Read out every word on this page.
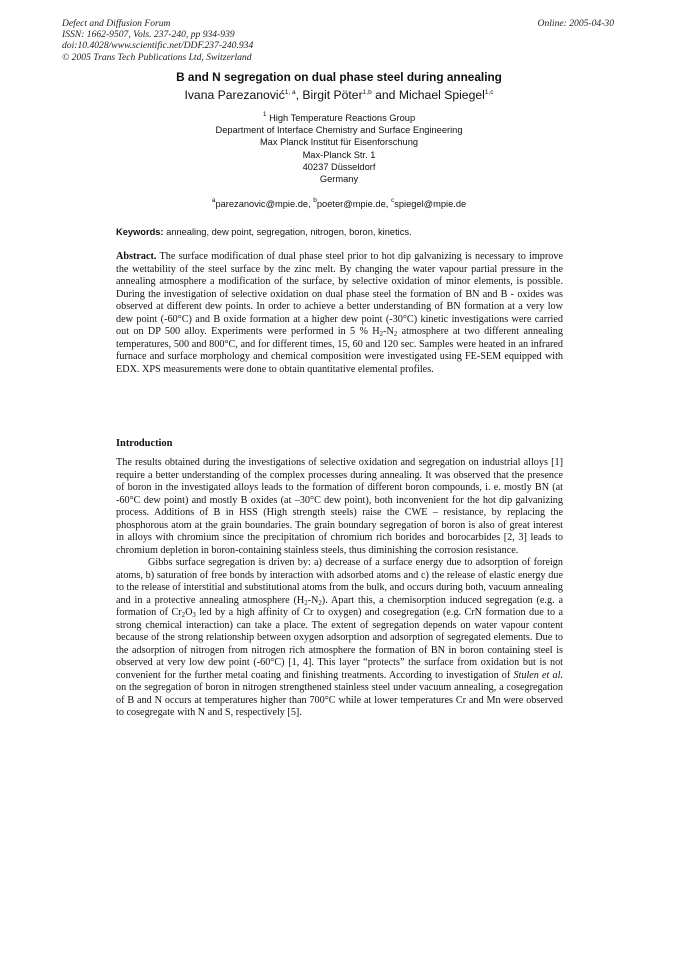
Defect and Diffusion Forum
ISSN: 1662-9507, Vols. 237-240, pp 934-939
doi:10.4028/www.scientific.net/DDF.237-240.934
© 2005 Trans Tech Publications Ltd, Switzerland
Online: 2005-04-30
B and N segregation on dual phase steel during annealing
Ivana Parezanović$^{1, a}$, Birgit Pöter$^{1,b}$ and Michael Spiegel$^{1,c}$
$^1$ High Temperature Reactions Group
Department of Interface Chemistry and Surface Engineering
Max Planck Institut für Eisenforschung
Max-Planck Str. 1
40237 Düsseldorf
Germany
$^a$parezanovic@mpie.de, $^b$poeter@mpie.de, $^c$spiegel@mpie.de
Keywords: annealing, dew point, segregation, nitrogen, boron, kinetics.
Abstract. The surface modification of dual phase steel prior to hot dip galvanizing is necessary to improve the wettability of the steel surface by the zinc melt. By changing the water vapour partial pressure in the annealing atmosphere a modification of the surface, by selective oxidation of minor elements, is possible. During the investigation of selective oxidation on dual phase steel the formation of BN and B - oxides was observed at different dew points. In order to achieve a better understanding of BN formation at a very low dew point (-60°C) and B oxide formation at a higher dew point (-30°C) kinetic investigations were carried out on DP 500 alloy. Experiments were performed in 5 % $H_2-N_2$ atmosphere at two different annealing temperatures, 500 and 800°C, and for different times, 15, 60 and 120 sec. Samples were heated in an infrared furnace and surface morphology and chemical composition were investigated using FE-SEM equipped with EDX. XPS measurements were done to obtain quantitative elemental profiles.
Introduction

The results obtained during the investigations of selective oxidation and segregation on industrial alloys [1] require a better understanding of the complex processes during annealing. It was observed that the presence of boron in the investigated alloys leads to the formation of different boron compounds, i. e. mostly BN (at -60°C dew point) and mostly B oxides (at –30°C dew point), both inconvenient for the hot dip galvanizing process. Additions of B in HSS (High strength steels) raise the CWE – resistance, by replacing the phosphorous atom at the grain boundaries. The grain boundary segregation of boron is also of great interest in alloys with chromium since the precipitation of chromium rich borides and borocarbides [2, 3] leads to chromium depletion in boron-containing stainless steels, thus diminishing the corrosion resistance.

Gibbs surface segregation is driven by: a) decrease of a surface energy due to adsorption of foreign atoms, b) saturation of free bonds by interaction with adsorbed atoms and c) the release of elastic energy due to the release of interstitial and substitutional atoms from the bulk, and occurs during both, vacuum annealing and in a protective annealing atmosphere $(H_2-N_2)$. Apart this, a chemisorption induced segregation (e.g. a formation of $Cr_2O_3$ led by a high affinity of Cr to oxygen) and cosegregation (e.g. CrN formation due to a strong chemical interaction) can take a place. The extent of segregation depends on water vapour content because of the strong relationship between oxygen adsorption and adsorption of segregated elements. Due to the adsorption of nitrogen from nitrogen rich atmosphere the formation of BN in boron containing steel is observed at very low dew point (-60°C) [1, 4]. This layer “protects” the surface from oxidation but is not convenient for the further metal coating and finishing treatments. According to investigation of Stulen et al. on the segregation of boron in nitrogen strengthened stainless steel under vacuum annealing, a cosegregation of B and N occurs at temperatures higher than 700°C while at lower temperatures Cr and Mn were observed to cosegregate with N and S, respectively [5].
